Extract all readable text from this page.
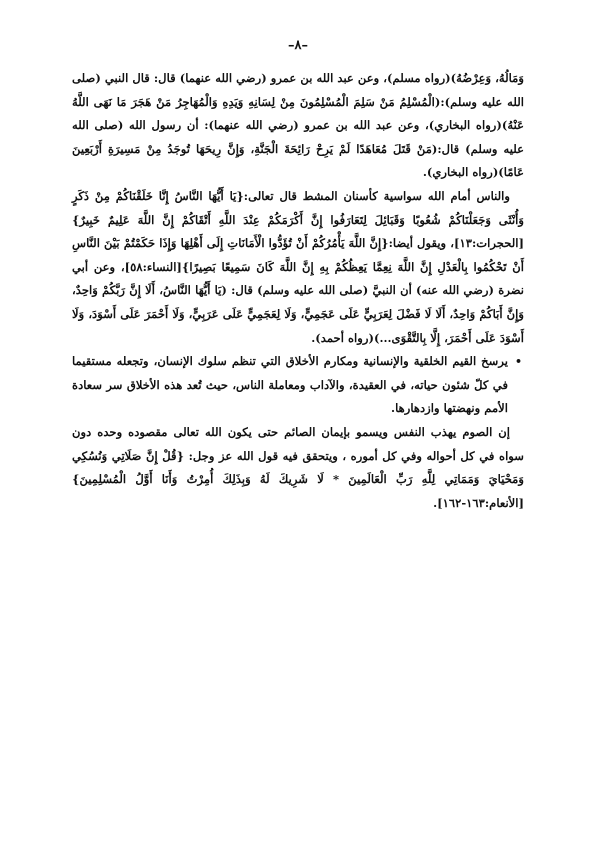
–٨–

وَمَالُهُ، وَعِرْضُهُ)(رواه مسلم)، وعن عبد الله بن عمرو (رضي الله عنهما) قال: قال النبي (صلى الله عليه وسلم):(الْمُسْلِمُ مَنْ سَلِمَ الْمُسْلِمُونَ مِنْ لِسَانِهِ وَيَدِهِ وَالْمُهَاجِرُ مَنْ هَجَرَ مَا نَهَى اللَّهُ عَنْهُ)(رواه البخاري)، وعن عبد الله بن عمرو (رضي الله عنهما): أن رسول الله (صلى الله عليه وسلم) قال:(مَنْ قَتَلَ مُعَاهَدًا لَمْ يَرِحْ رَائِحَةَ الْجَنَّةِ، وَإِنَّ رِيحَهَا تُوجَدُ مِنْ مَسِيرَةِ أَرْبَعِينَ عَامًا)(رواه البخاري).

والناس أمام الله سواسية كأسنان المشط قال تعالى:{يَا أَيُّهَا النَّاسُ إِنَّا خَلَقْنَاكُمْ مِنْ ذَكَرٍ وَأُنْثَى وَجَعَلْنَاكُمْ شُعُوبًا وَقَبَائِلَ لِتَعَارَفُوا إِنَّ أَكْرَمَكُمْ عِنْدَ اللَّهِ أَتْقَاكُمْ إِنَّ اللَّهَ عَلِيمٌ خَبِيرٌ}[الحجرات:١٣]، ويقول أيضا:{إِنَّ اللَّهَ يَأْمُرُكُمْ أَنْ تُؤَدُّوا الْأَمَانَاتِ إِلَى أَهْلِهَا وَإِذَا حَكَمْتُمْ بَيْنَ النَّاسِ أَنْ تَحْكُمُوا بِالْعَدْلِ إِنَّ اللَّهَ نِعِمَّا يَعِظُكُمْ بِهِ إِنَّ اللَّهَ كَانَ سَمِيعًا بَصِيرًا}[النساء:٥٨]، وعن أبي نضرة (رضي الله عنه) أن النبيَّ (صلى الله عليه وسلم) قال: (يَا أَيُّهَا النَّاسُ، أَلَا إِنَّ رَبَّكُمْ وَاحِدٌ، وَإِنَّ أَبَاكُمْ وَاحِدٌ، أَلَا لَا فَضْلَ لِعَرَبِيٍّ عَلَى عَجَمِيٍّ، وَلَا لِعَجَمِيٍّ عَلَى عَرَبِيٍّ، وَلَا أَحْمَرَ عَلَى أَسْوَدَ، وَلَا أَسْوَدَ عَلَى أَحْمَرَ، إِلَّا بِالتَّقْوَى...)(رواه أحمد).

•
يرسخ القيم الخلقية والإنسانية ومكارم الأخلاق التي تنظم سلوك الإنسان، وتجعله مستقيما في كلّ شئون حياته، في العقيدة، والآداب ومعاملة الناس، حيث تُعد هذه الأخلاق سر سعادة الأمم ونهضتها وازدهارها.

إن الصوم يهذب النفس ويسمو بإيمان الصائم حتى يكون الله تعالى مقصوده وحده دون سواه في كل أحواله وفي كل أموره ، ويتحقق فيه قول الله عز وجل: {قُلْ إِنَّ صَلَاتِي وَنُسُكِي وَمَحْيَايَ وَمَمَاتِي لِلَّهِ رَبِّ الْعَالَمِينَ * لَا شَرِيكَ لَهُ وَبِذَلِكَ أُمِرْتُ وَأَنَا أَوَّلُ الْمُسْلِمِينَ}[الأنعام:١٦٣-١٦٢].
